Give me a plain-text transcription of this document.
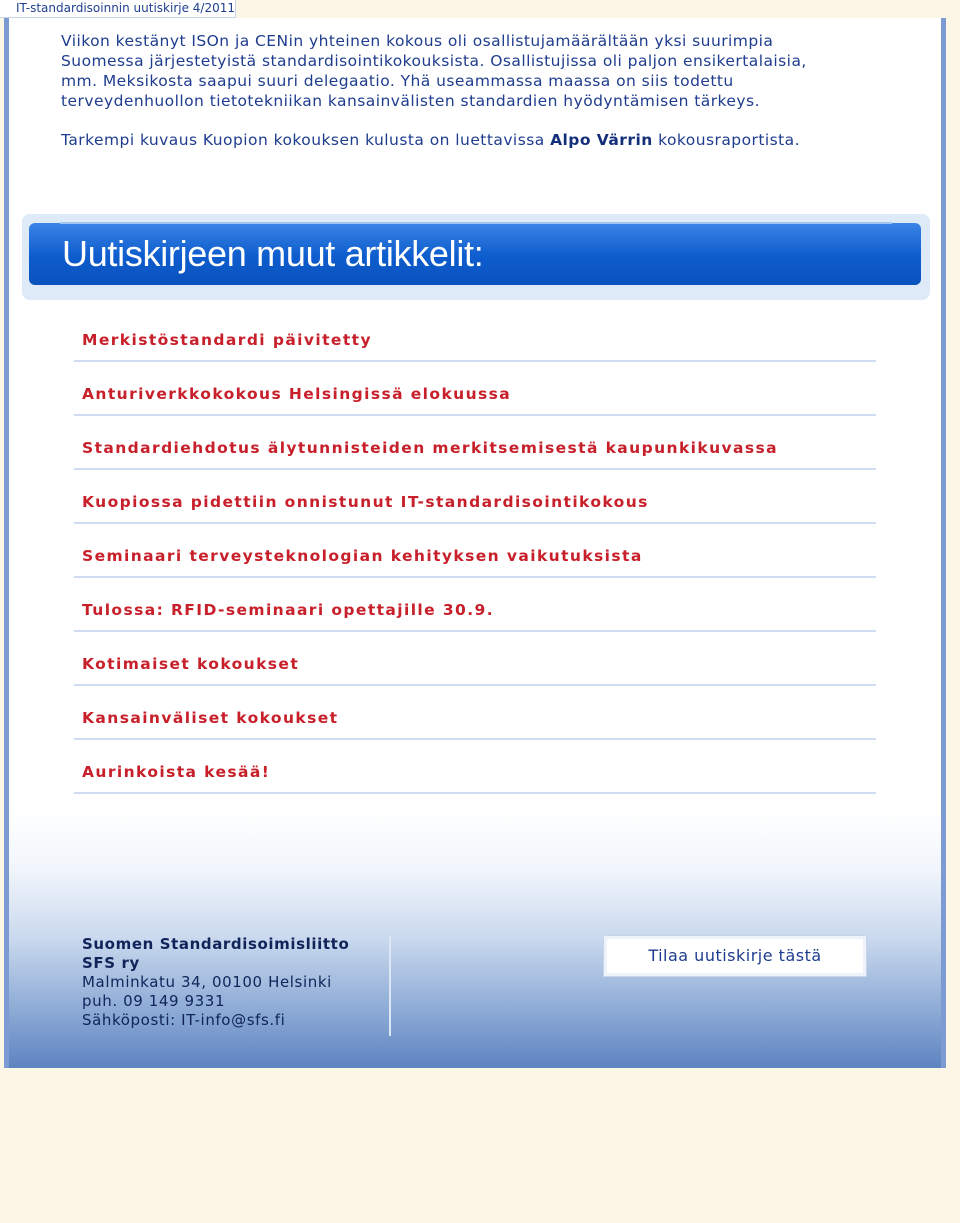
IT-standardisoinnin uutiskirje 4/2011

Viikon kestänyt ISOn ja CENin yhteinen kokous oli osallistujamäärältään yksi suurimpia
Suomessa järjestetyistä standardisointikokouksista. Osallistujissa oli paljon ensikertalaisia,
mm. Meksikosta saapui suuri delegaatio. Yhä useammassa maassa on siis todettu
terveydenhuollon tietotekniikan kansainvälisten standardien hyödyntämisen tärkeys.

Tarkempi kuvaus Kuopion kokouksen kulusta on luettavissa Alpo Värrin kokousraportista.

Uutiskirjeen muut artikkelit:
Merkistöstandardi päivitetty
Anturiverkkokokous Helsingissä elokuussa
Standardiehdotus älytunnisteiden merkitsemisestä kaupunkikuvassa
Kuopiossa pidettiin onnistunut IT-standardisointikokous
Seminaari terveysteknologian kehityksen vaikutuksista
Tulossa: RFID-seminaari opettajille 30.9.
Kotimaiset kokoukset
Kansainväliset kokoukset
Aurinkoista kesää!
Suomen Standardisoimisliitto
SFS ry
Malminkatu 34, 00100 Helsinki
puh. 09 149 9331
Sähköposti: IT-info@sfs.fi
Tilaa uutiskirje tästä
